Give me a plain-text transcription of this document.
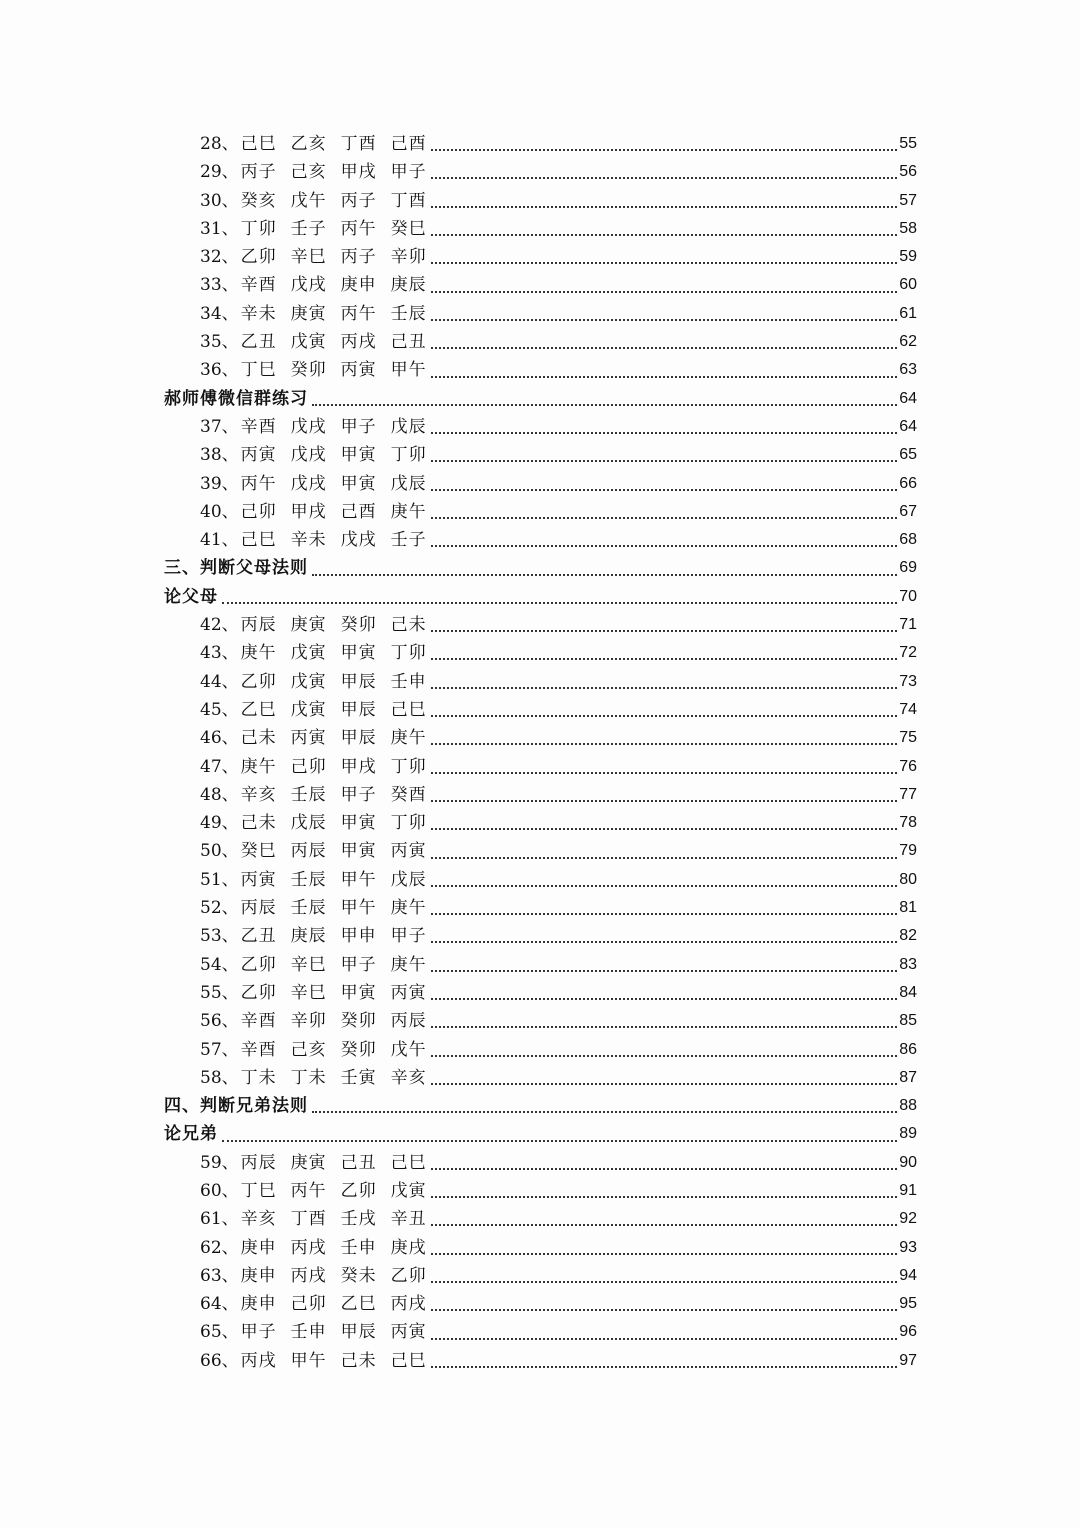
28 、 己巳 乙亥 丁酉 己酉	55
29 、 丙子 己亥 甲戌 甲子	56
30 、 癸亥 戊午 丙子 丁酉	57
31 、 丁卯 壬子 丙午 癸巳	58
32 、 乙卯 辛巳 丙子 辛卯	59
33 、 辛酉 戊戌 庚申 庚辰	60
34 、 辛未 庚寅 丙午 壬辰	61
35 、 乙丑 戊寅 丙戌 己丑	62
36 、 丁巳 癸卯 丙寅 甲午	63
郝师傅微信群练习	64
37 、 辛酉 戊戌 甲子 戊辰	64
38 、 丙寅 戊戌 甲寅 丁卯	65
39 、 丙午 戊戌 甲寅 戊辰	66
40 、 己卯 甲戌 己酉 庚午	67
41 、 己巳 辛未 戊戌 壬子	68
三、判断父母法则	69
论父母	70
42 、 丙辰 庚寅 癸卯 己未	71
43 、 庚午 戊寅 甲寅 丁卯	72
44 、 乙卯 戊寅 甲辰 壬申	73
45 、 乙巳 戊寅 甲辰 己巳	74
46 、 己未 丙寅 甲辰 庚午	75
47 、 庚午 己卯 甲戌 丁卯	76
48 、 辛亥 壬辰 甲子 癸酉	77
49 、 己未 戊辰 甲寅 丁卯	78
50 、 癸巳 丙辰 甲寅 丙寅	79
51 、 丙寅 壬辰 甲午 戊辰	80
52 、 丙辰 壬辰 甲午 庚午	81
53 、 乙丑 庚辰 甲申 甲子	82
54 、 乙卯 辛巳 甲子 庚午	83
55 、 乙卯 辛巳 甲寅 丙寅	84
56 、 辛酉 辛卯 癸卯 丙辰	85
57 、 辛酉 己亥 癸卯 戊午	86
58 、 丁未 丁未 壬寅 辛亥	87
四、判断兄弟法则	88
论兄弟	89
59 、 丙辰 庚寅 己丑 己巳	90
60 、 丁巳 丙午 乙卯 戊寅	91
61 、 辛亥 丁酉 壬戌 辛丑	92
62 、 庚申 丙戌 壬申 庚戌	93
63 、 庚申 丙戌 癸未 乙卯	94
64 、 庚申 己卯 乙巳 丙戌	95
65 、 甲子 壬申 甲辰 丙寅	96
66 、 丙戌 甲午 己未 己巳	97
